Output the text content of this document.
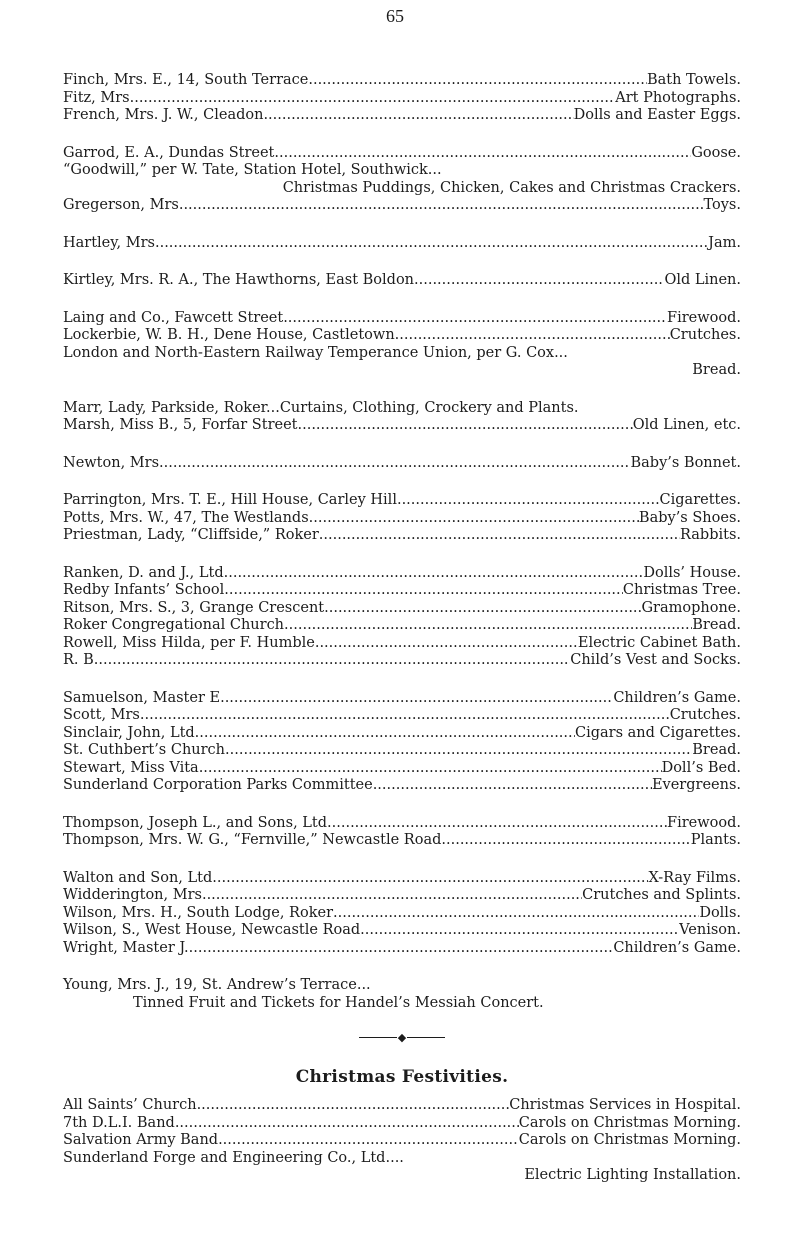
65
Finch, Mrs. E., 14, South Terrace .....	Bath Towels.
Fitz, Mrs. .....	Art Photographs.
French, Mrs. J. W., Cleadon .....	Dolls and Easter Eggs.
Garrod, E. A., Dundas Street .....	Goose.
“Goodwill,” per W. Tate, Station Hotel, Southwick...
Christmas Puddings, Chicken, Cakes and Christmas Crackers.
Gregerson, Mrs. .....	Toys.
Hartley, Mrs. .....	Jam.
Kirtley, Mrs. R. A., The Hawthorns, East Boldon .....	Old Linen.
Laing and Co., Fawcett Street .....	Firewood.
Lockerbie, W. B. H., Dene House, Castletown .....	Crutches.
London and North-Eastern Railway Temperance Union, per G. Cox...
Bread.
Marr, Lady, Parkside, Roker...Curtains, Clothing, Crockery and Plants.
Marsh, Miss B., 5, Forfar Street .....	Old Linen, etc.
Newton, Mrs. .....	Baby’s Bonnet.
Parrington, Mrs. T. E., Hill House, Carley Hill .....	Cigarettes.
Potts, Mrs. W., 47, The Westlands .....	Baby’s Shoes.
Priestman, Lady, “Cliffside,” Roker .....	Rabbits.
Ranken, D. and J., Ltd. .....	Dolls’ House.
Redby Infants’ School .....	Christmas Tree.
Ritson, Mrs. S., 3, Grange Crescent .....	Gramophone.
Roker Congregational Church .....	Bread.
Rowell, Miss Hilda, per F. Humble .....	Electric Cabinet Bath.
R. B. .....	Child’s Vest and Socks.
Samuelson, Master E. .....	Children’s Game.
Scott, Mrs. .....	Crutches.
Sinclair, John, Ltd. .....	Cigars and Cigarettes.
St. Cuthbert’s Church .....	Bread.
Stewart, Miss Vita .....	Doll’s Bed.
Sunderland Corporation Parks Committee .....	Evergreens.
Thompson, Joseph L., and Sons, Ltd. .....	Firewood.
Thompson, Mrs. W. G., “Fernville,” Newcastle Road .....	Plants.
Walton and Son, Ltd. .....	X-Ray Films.
Widderington, Mrs. .....	Crutches and Splints.
Wilson, Mrs. H., South Lodge, Roker .....	Dolls.
Wilson, S., West House, Newcastle Road .....	Venison.
Wright, Master J. .....	Children’s Game.
Young, Mrs. J., 19, St. Andrew’s Terrace...
Tinned Fruit and Tickets for Handel’s Messiah Concert.
◆
Christmas Festivities.
All Saints’ Church .....	Christmas Services in Hospital.
7th D.L.I. Band .....	Carols on Christmas Morning.
Salvation Army Band .....	Carols on Christmas Morning.
Sunderland Forge and Engineering Co., Ltd....
Electric Lighting Installation.
